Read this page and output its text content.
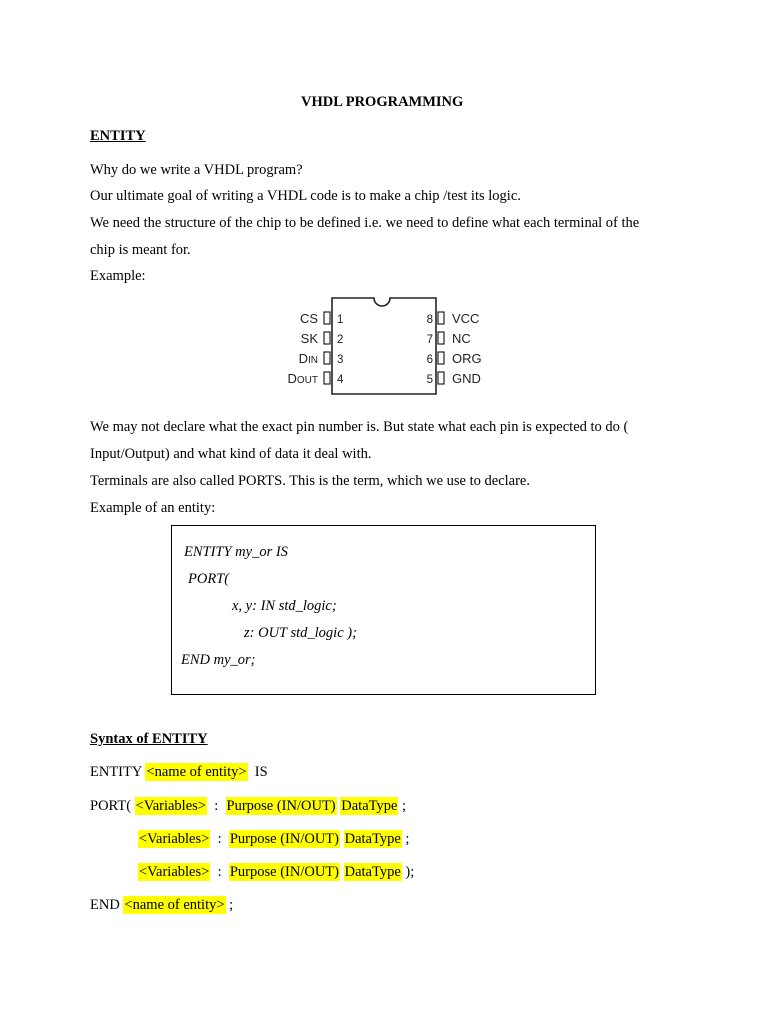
VHDL PROGRAMMING
ENTITY
Why do we write a VHDL program?
Our ultimate goal of writing a VHDL code is to make a chip /test its logic.
We need the structure of the chip to be defined i.e. we need to define what each terminal of the
chip is meant for.
Example:
CS
SK
DIN
DOUT
1
2
3
4
8
7
6
5
VCC
NC
ORG
GND
We may not declare what the exact pin number is. But state what each pin is expected to do (
Input/Output) and what kind of data it deal with.
Terminals are also called PORTS. This is the term, which we use to declare.
Example of an entity:
ENTITY my_or IS
PORT(
x, y: IN std_logic;
z: OUT std_logic );
END my_or;
Syntax of ENTITY
ENTITY <name of entity> IS
PORT( <Variables> : Purpose (IN/OUT) DataType ;
<Variables> : Purpose (IN/OUT) DataType ;
<Variables> : Purpose (IN/OUT) DataType );
END <name of entity> ;
